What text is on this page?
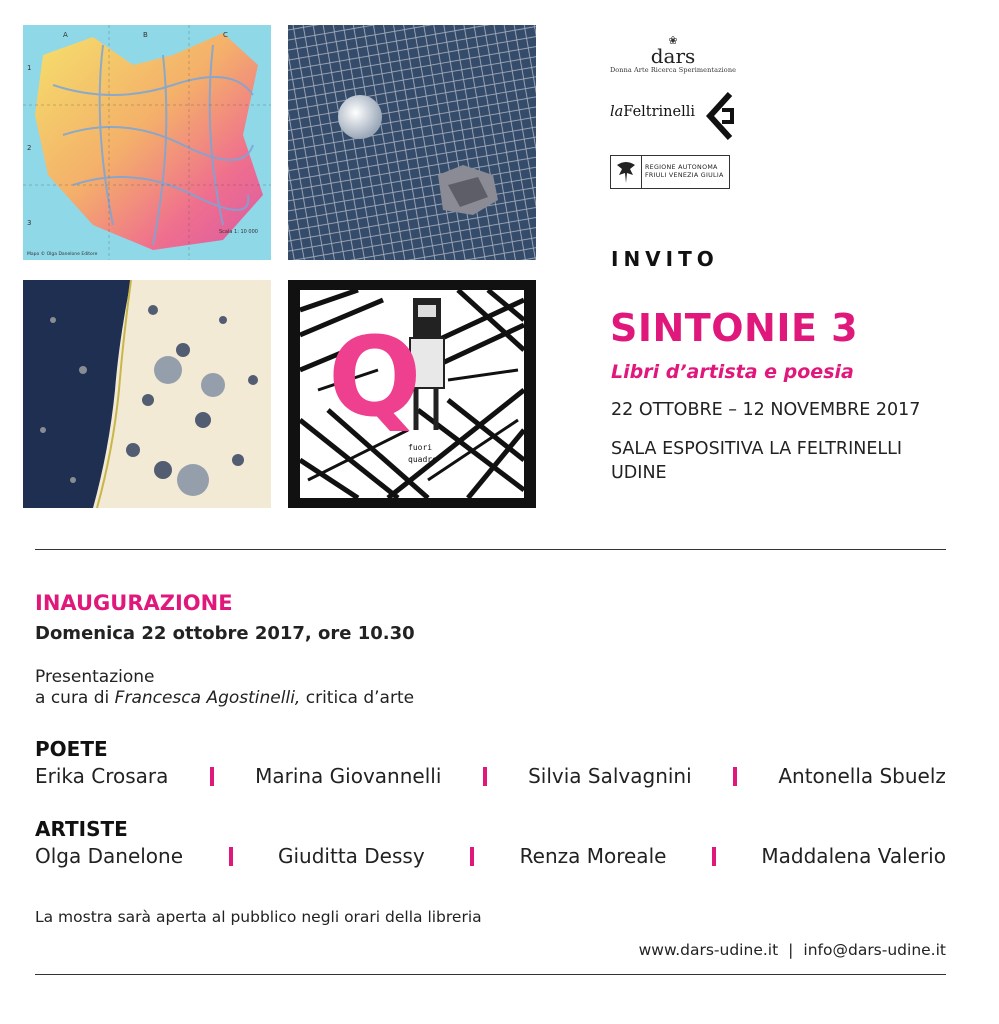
A	B	C
1
2
3
Scala 1: 10 000
Mapo © Olga Danelone Editore
Q
fuori
quadro
❀
dars
Donna Arte Ricerca Sperimentazione
laFeltrinelli
REGIONE AUTONOMA
FRIULI VENEZIA GIULIA
INVITO
SINTONIE 3
Libri d’artista e poesia
22 OTTOBRE – 12 NOVEMBRE 2017
SALA ESPOSITIVA LA FELTRINELLI
UDINE
INAUGURAZIONE
Domenica 22 ottobre 2017, ore 10.30
Presentazione
a cura di Francesca Agostinelli, critica d’arte
POETE
Erika Crosara	Marina Giovannelli	Silvia Salvagnini	Antonella Sbuelz
ARTISTE
Olga Danelone	Giuditta Dessy	Renza Moreale	Maddalena Valerio
La mostra sarà aperta al pubblico negli orari della libreria
www.dars-udine.it | info@dars-udine.it
